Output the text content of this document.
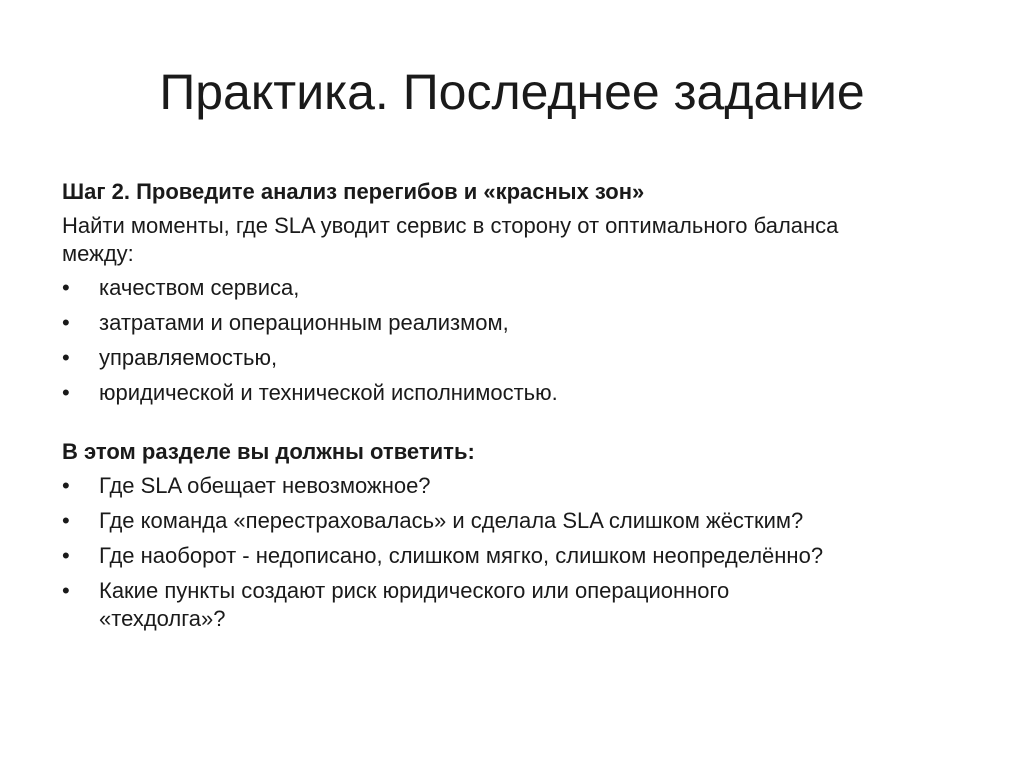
Практика. Последнее задание

Шаг 2. Проведите анализ перегибов и «красных зон»

Найти моменты, где SLA уводит сервис в сторону от оптимального баланса между:

•	качеством сервиса,
•	затратами и операционным реализмом,
•	управляемостью,
•	юридической и технической исполнимостью.

В этом разделе вы должны ответить:

•	Где SLA обещает невозможное?
•	Где команда «перестраховалась» и сделала SLA слишком жёстким?
•	Где наоборот - недописано, слишком мягко, слишком неопределённо?
•	Какие пункты создают риск юридического или операционного «техдолга»?
